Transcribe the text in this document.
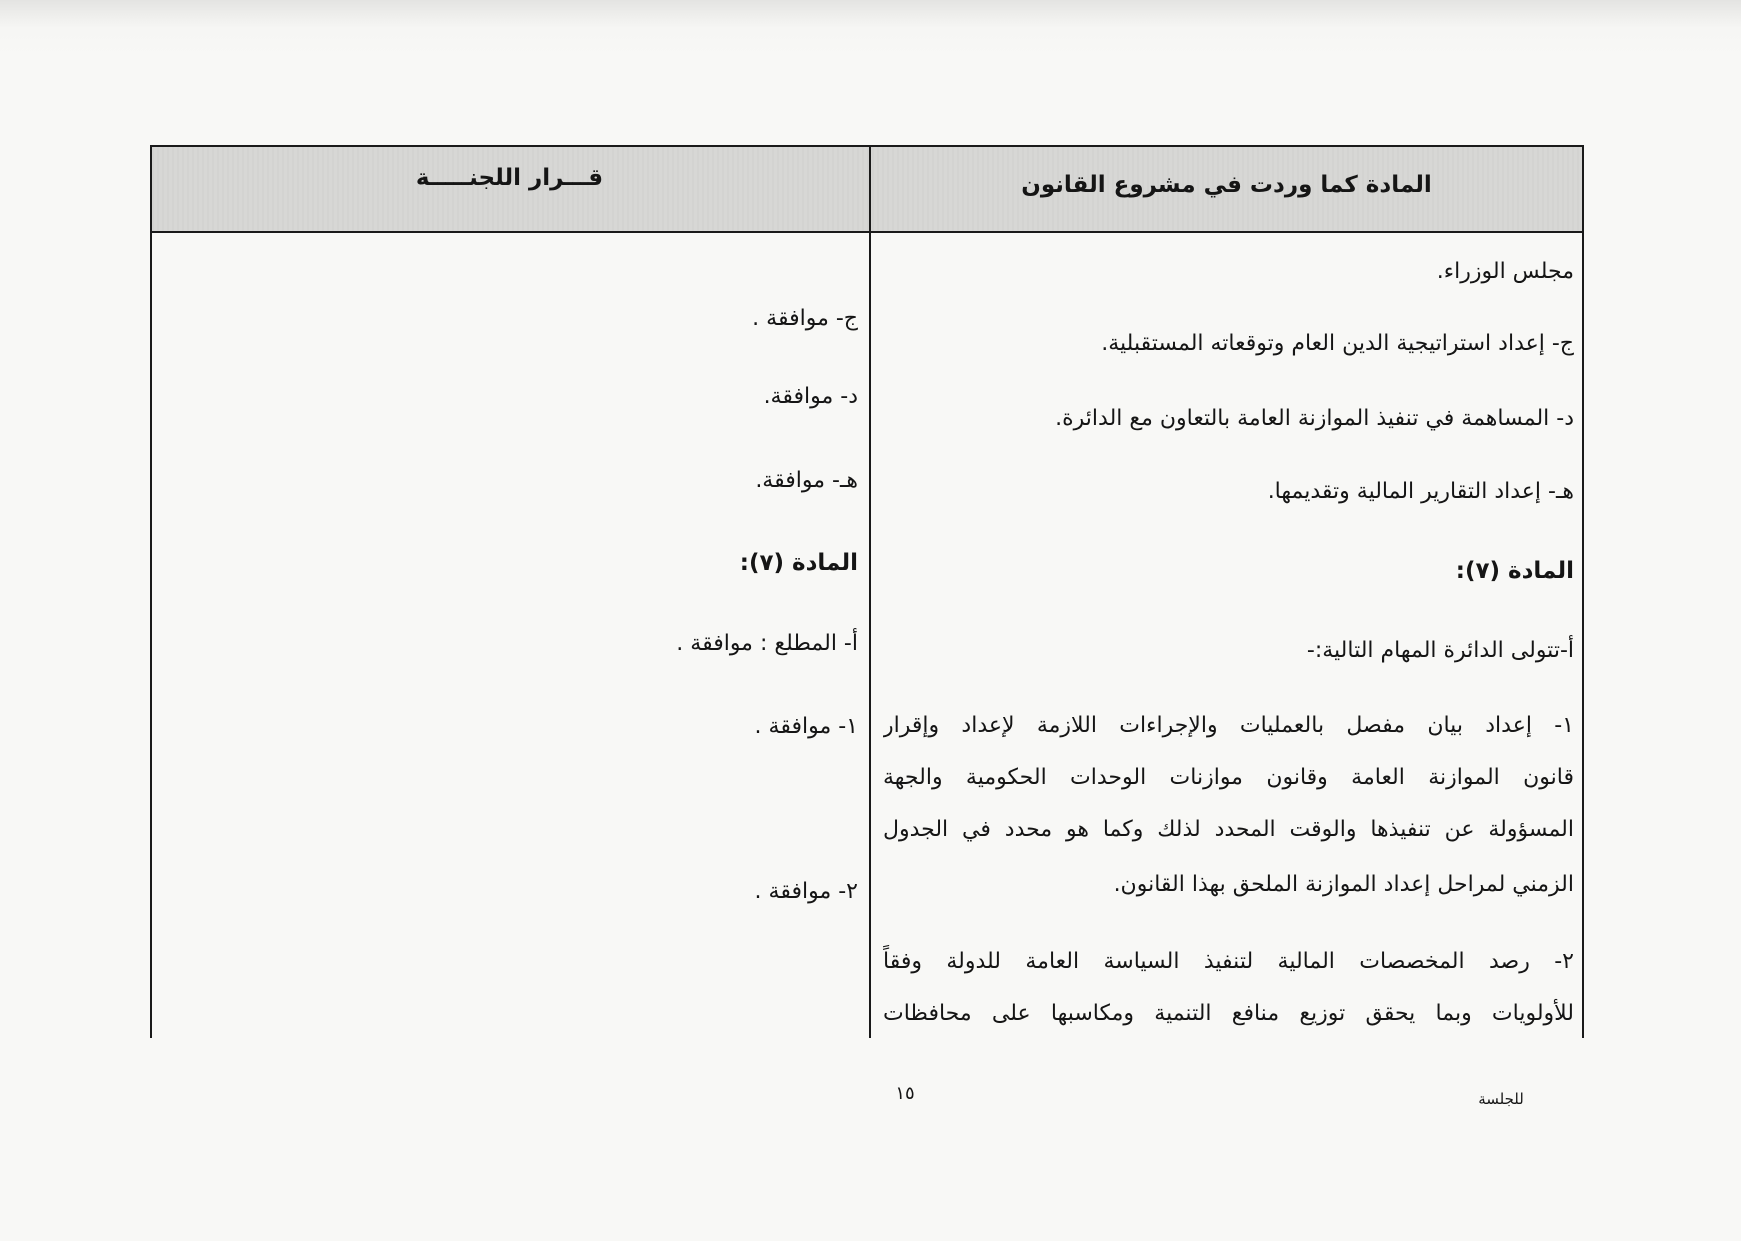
المادة كما وردت في مشروع القانون
قـــرار اللجنـــــة
مجلس الوزراء.
ج- إعداد استراتيجية الدين العام وتوقعاته المستقبلية.
د- المساهمة في تنفيذ الموازنة العامة بالتعاون مع الدائرة.
هـ- إعداد التقارير المالية وتقديمها.
المادة (٧):
أ-تتولى الدائرة المهام التالية:-
١- إعداد بيان مفصل بالعمليات والإجراءات اللازمة لإعداد وإقرار
قانون الموازنة العامة وقانون موازنات الوحدات الحكومية والجهة
المسؤولة عن تنفيذها والوقت المحدد لذلك وكما هو محدد في الجدول
الزمني لمراحل إعداد الموازنة الملحق بهذا القانون.
٢- رصد المخصصات المالية لتنفيذ السياسة العامة للدولة وفقاً
للأولويات وبما يحقق توزيع منافع التنمية ومكاسبها على محافظات
ج- موافقة .
د- موافقة.
هـ- موافقة.
المادة (٧):
أ- المطلع : موافقة .
١- موافقة .
٢- موافقة .
١٥	للجلسة
